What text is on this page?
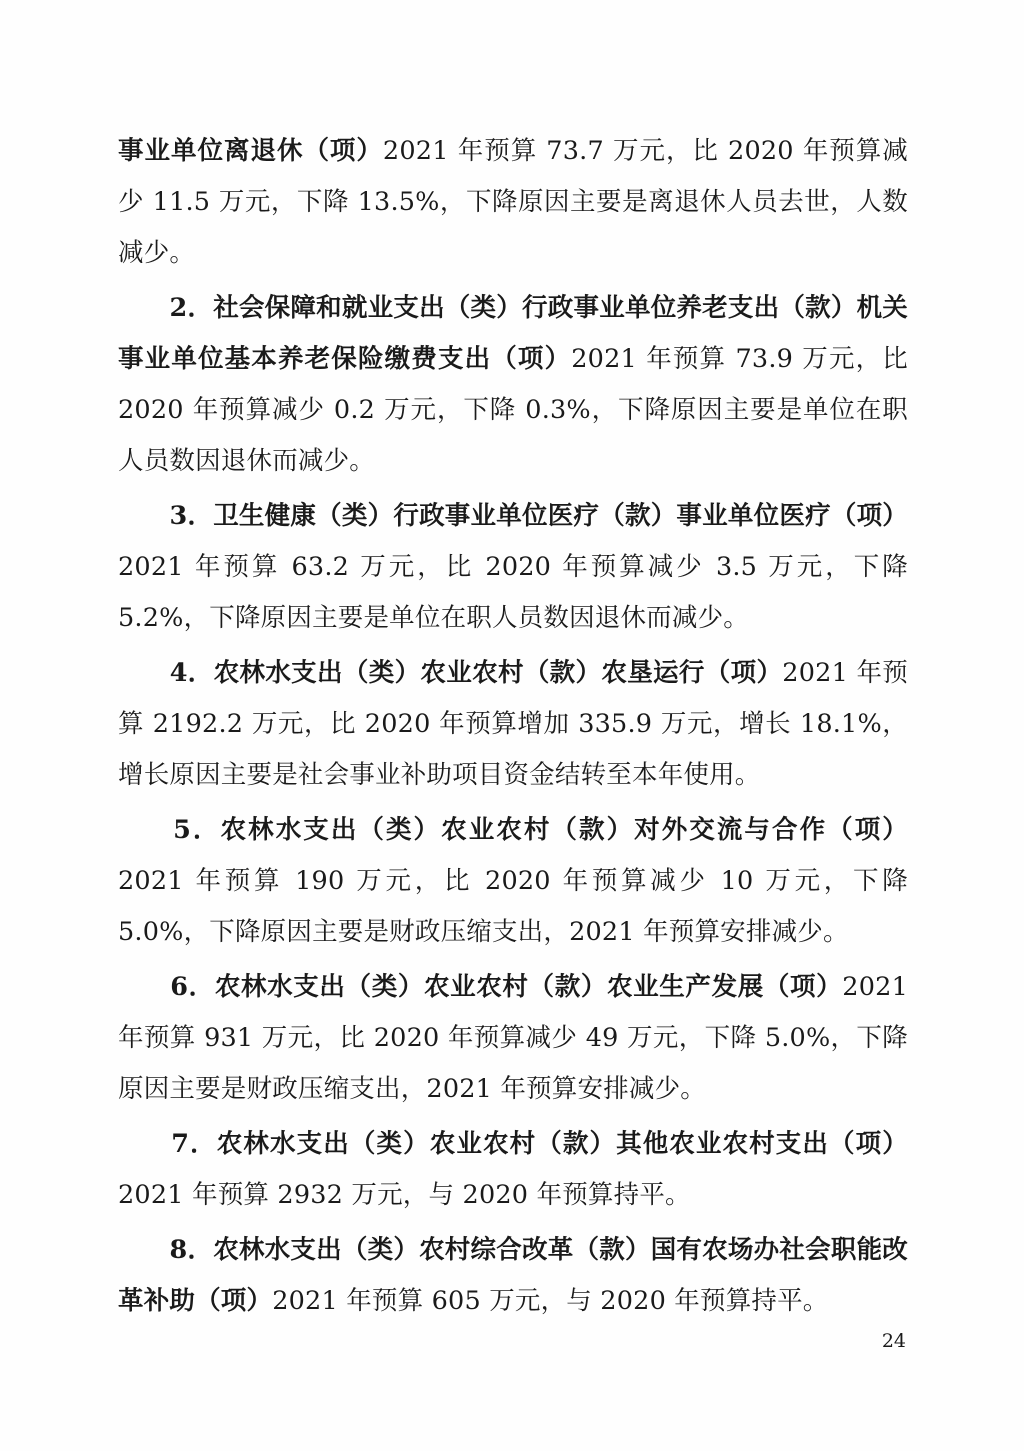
事业单位离退休（项）2021 年预算 73.7 万元，比 2020 年预算减少 11.5 万元，下降 13.5%，下降原因主要是离退休人员去世，人数减少。

　　2．社会保障和就业支出（类）行政事业单位养老支出（款）机关事业单位基本养老保险缴费支出（项）2021 年预算 73.9 万元，比 2020 年预算减少 0.2 万元，下降 0.3%，下降原因主要是单位在职人员数因退休而减少。

　　3．卫生健康（类）行政事业单位医疗（款）事业单位医疗（项）2021 年预算 63.2 万元，比 2020 年预算减少 3.5 万元，下降 5.2%，下降原因主要是单位在职人员数因退休而减少。

　　4．农林水支出（类）农业农村（款）农垦运行（项）2021 年预算 2192.2 万元，比 2020 年预算增加 335.9 万元，增长 18.1%，增长原因主要是社会事业补助项目资金结转至本年使用。

　　5．农林水支出（类）农业农村（款）对外交流与合作（项）2021 年预算 190 万元，比 2020 年预算减少 10 万元，下降 5.0%，下降原因主要是财政压缩支出，2021 年预算安排减少。

　　6．农林水支出（类）农业农村（款）农业生产发展（项）2021 年预算 931 万元，比 2020 年预算减少 49 万元，下降 5.0%，下降原因主要是财政压缩支出，2021 年预算安排减少。

　　7．农林水支出（类）农业农村（款）其他农业农村支出（项）2021 年预算 2932 万元，与 2020 年预算持平。

　　8．农林水支出（类）农村综合改革（款）国有农场办社会职能改革补助（项）2021 年预算 605 万元，与 2020 年预算持平。

24
